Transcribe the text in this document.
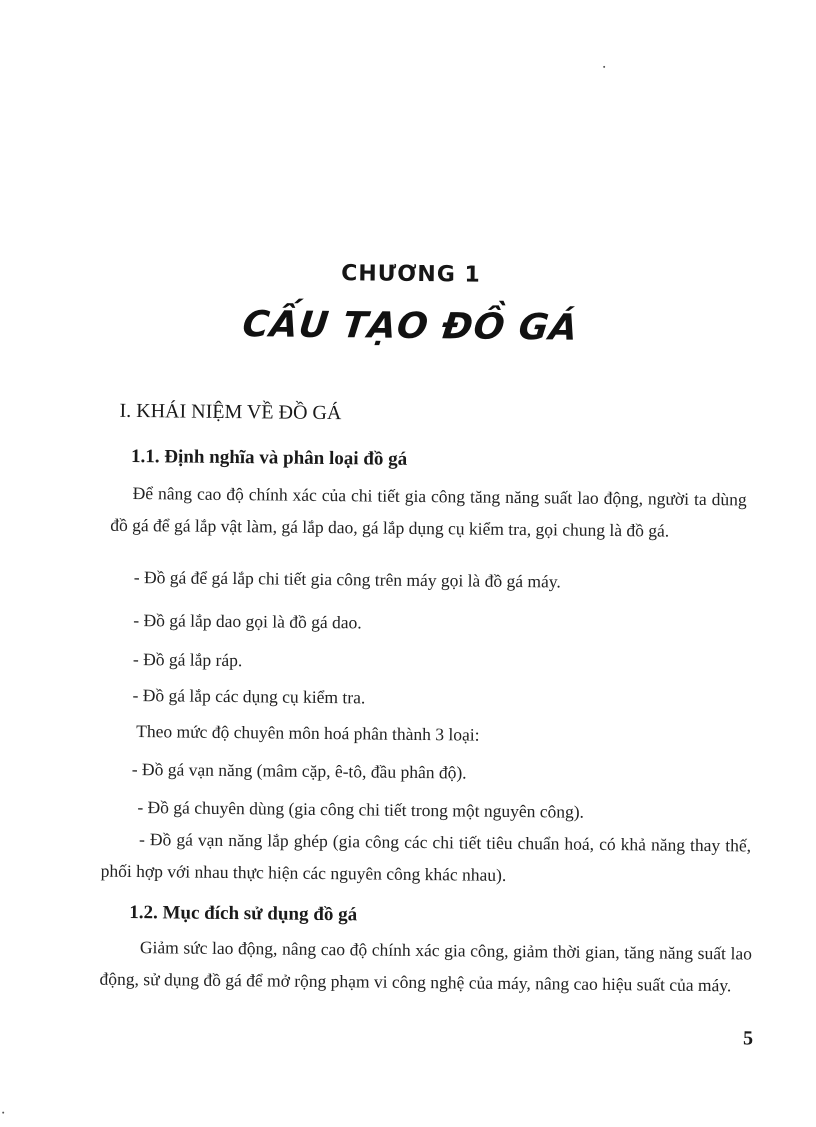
CHƯƠNG 1
CẤU TẠO ĐỒ GÁ
I. KHÁI NIỆM VỀ ĐỒ GÁ
1.1. Định nghĩa và phân loại đồ gá
Để nâng cao độ chính xác của chi tiết gia công tăng năng suất lao động, người ta dùng đồ gá để gá lắp vật làm, gá lắp dao, gá lắp dụng cụ kiểm tra, gọi chung là đồ gá.
- Đồ gá để gá lắp chi tiết gia công trên máy gọi là đồ gá máy.
- Đồ gá lắp dao gọi là đồ gá dao.
- Đồ gá lắp ráp.
- Đồ gá lắp các dụng cụ kiểm tra.
Theo mức độ chuyên môn hoá phân thành 3 loại:
- Đồ gá vạn năng (mâm cặp, ê-tô, đầu phân độ).
- Đồ gá chuyên dùng (gia công chi tiết trong một nguyên công).
- Đồ gá vạn năng lắp ghép (gia công các chi tiết tiêu chuẩn hoá, có khả năng thay thế, phối hợp với nhau thực hiện các nguyên công khác nhau).
1.2. Mục đích sử dụng đồ gá
Giảm sức lao động, nâng cao độ chính xác gia công, giảm thời gian, tăng năng suất lao động, sử dụng đồ gá để mở rộng phạm vi công nghệ của máy, nâng cao hiệu suất của máy.
5
